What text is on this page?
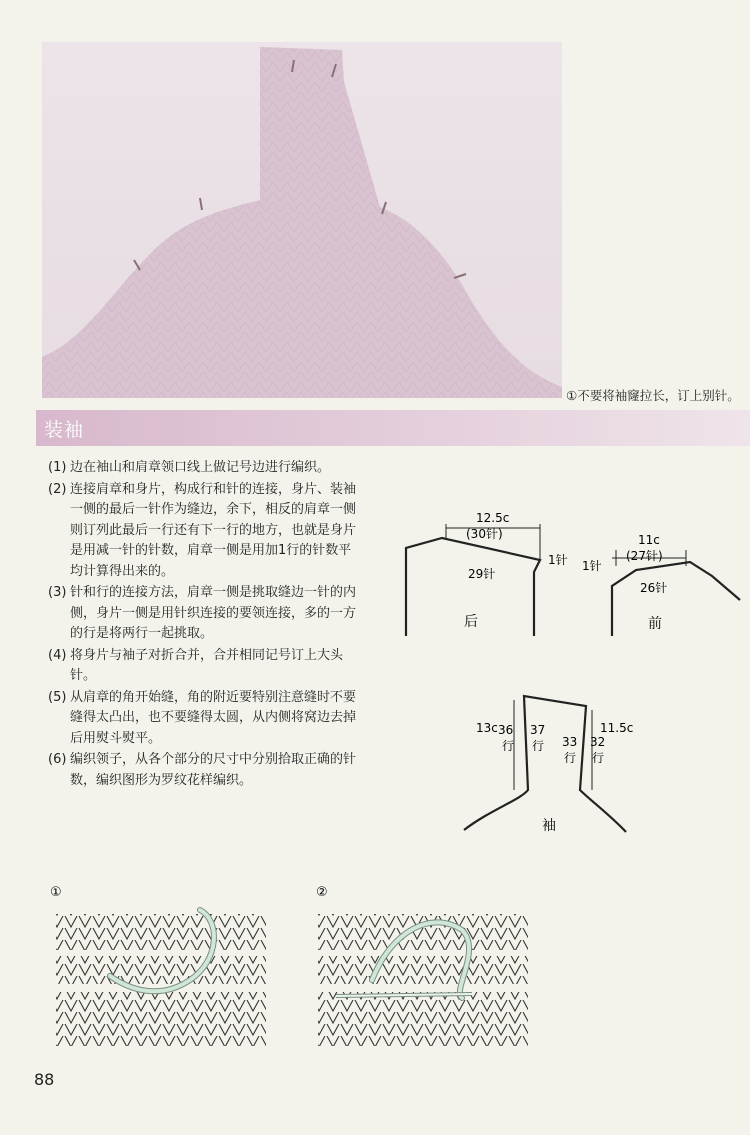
①不要将袖窿拉长，订上别针。
装袖
(1) 边在袖山和肩章领口线上做记号边进行编织。
(2) 连接肩章和身片，构成行和针的连接，身片、装袖一侧的最后一针作为缝边，余下，相反的肩章一侧则订列此最后一行还有下一行的地方，也就是身片是用减一针的针数，肩章一侧是用加1行的针数平均计算得出来的。
(3) 针和行的连接方法，肩章一侧是挑取缝边一针的内侧，身片一侧是用针织连接的要领连接，多的一方的行是将两行一起挑取。
(4) 将身片与袖子对折合并，合并相同记号订上大头针。
(5) 从肩章的角开始缝，角的附近要特别注意缝时不要缝得太凸出，也不要缝得太圆，从内侧将窝边去掉后用熨斗熨平。
(6) 编织领子，从各个部分的尺寸中分别拾取正确的针数，编织图形为罗纹花样编织。
12.5c
(30针)
29针
1针
后
11c
(27针)
26针
1针
前
13c 36
行
37
行 33
行
32
行
11.5c
袖
①	②
88
